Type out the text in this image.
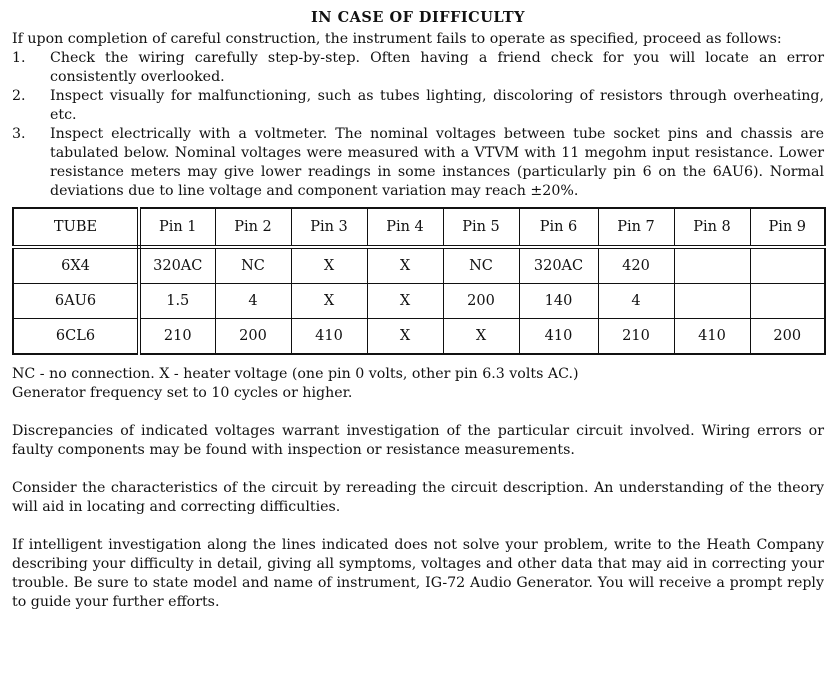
IN CASE OF DIFFICULTY

If upon completion of careful construction, the instrument fails to operate as specified, proceed as follows:

1.	Check the wiring carefully step-by-step. Often having a friend check for you will locate an error consistently overlooked.
2.	Inspect visually for malfunctioning, such as tubes lighting, discoloring of resistors through overheating, etc.
3.	Inspect electrically with a voltmeter. The nominal voltages between tube socket pins and chassis are tabulated below. Nominal voltages were measured with a VTVM with 11 megohm input resistance. Lower resistance meters may give lower readings in some instances (particularly pin 6 on the 6AU6). Normal deviations due to line voltage and component variation may reach ±20%.
TUBE	Pin 1	Pin 2	Pin 3	Pin 4	Pin 5	Pin 6	Pin 7	Pin 8	Pin 9
6X4	320AC	NC	X	X	NC	320AC	420		
6AU6	1.5	4	X	X	200	140	4		
6CL6	210	200	410	X	X	410	210	410	200

NC - no connection. X - heater voltage (one pin 0 volts, other pin 6.3 volts AC.)

Generator frequency set to 10 cycles or higher.

Discrepancies of indicated voltages warrant investigation of the particular circuit involved. Wiring errors or faulty components may be found with inspection or resistance measurements.

Consider the characteristics of the circuit by rereading the circuit description. An understanding of the theory will aid in locating and correcting difficulties.

If intelligent investigation along the lines indicated does not solve your problem, write to the Heath Company describing your difficulty in detail, giving all symptoms, voltages and other data that may aid in correcting your trouble. Be sure to state model and name of instrument, IG-72 Audio Generator. You will receive a prompt reply to guide your further efforts.
